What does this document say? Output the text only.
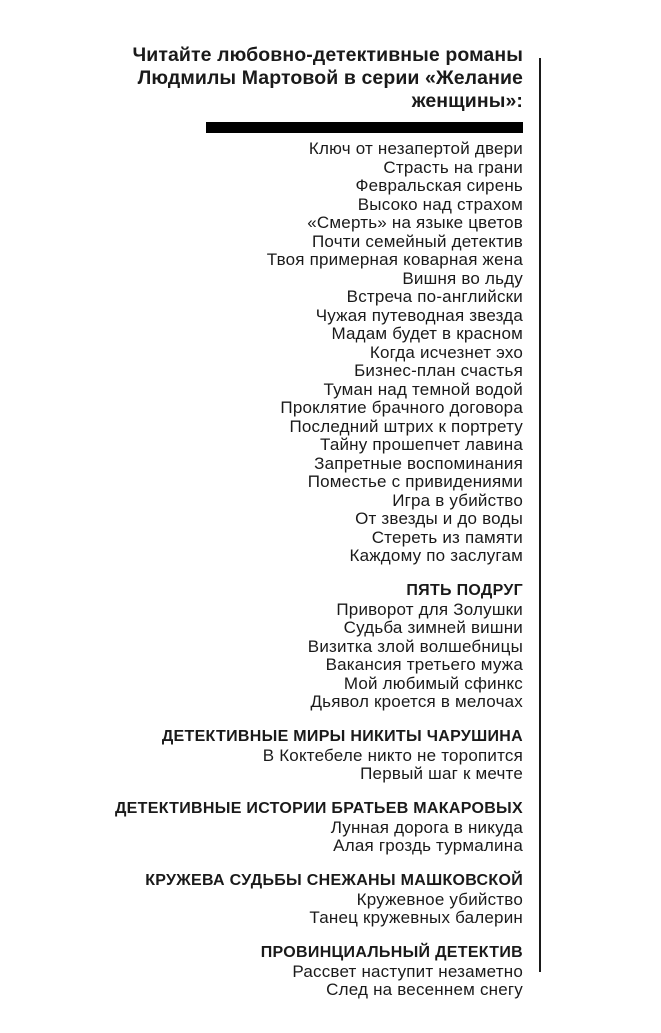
Читайте любовно-детективные романы
Людмилы Мартовой в серии «Желание женщины»:
Ключ от незапертой двери
Страсть на грани
Февральская сирень
Высоко над страхом
«Смерть» на языке цветов
Почти семейный детектив
Твоя примерная коварная жена
Вишня во льду
Встреча по-английски
Чужая путеводная звезда
Мадам будет в красном
Когда исчезнет эхо
Бизнес-план счастья
Туман над темной водой
Проклятие брачного договора
Последний штрих к портрету
Тайну прошепчет лавина
Запретные воспоминания
Поместье с привидениями
Игра в убийство
От звезды и до воды
Стереть из памяти
Каждому по заслугам
ПЯТЬ ПОДРУГ
Приворот для Золушки
Судьба зимней вишни
Визитка злой волшебницы
Вакансия третьего мужа
Мой любимый сфинкс
Дьявол кроется в мелочах
ДЕТЕКТИВНЫЕ МИРЫ НИКИТЫ ЧАРУШИНА
В Коктебеле никто не торопится
Первый шаг к мечте
ДЕТЕКТИВНЫЕ ИСТОРИИ БРАТЬЕВ МАКАРОВЫХ
Лунная дорога в никуда
Алая гроздь турмалина
КРУЖЕВА СУДЬБЫ СНЕЖАНЫ МАШКОВСКОЙ
Кружевное убийство
Танец кружевных балерин
ПРОВИНЦИАЛЬНЫЙ ДЕТЕКТИВ
Рассвет наступит незаметно
След на весеннем снегу
